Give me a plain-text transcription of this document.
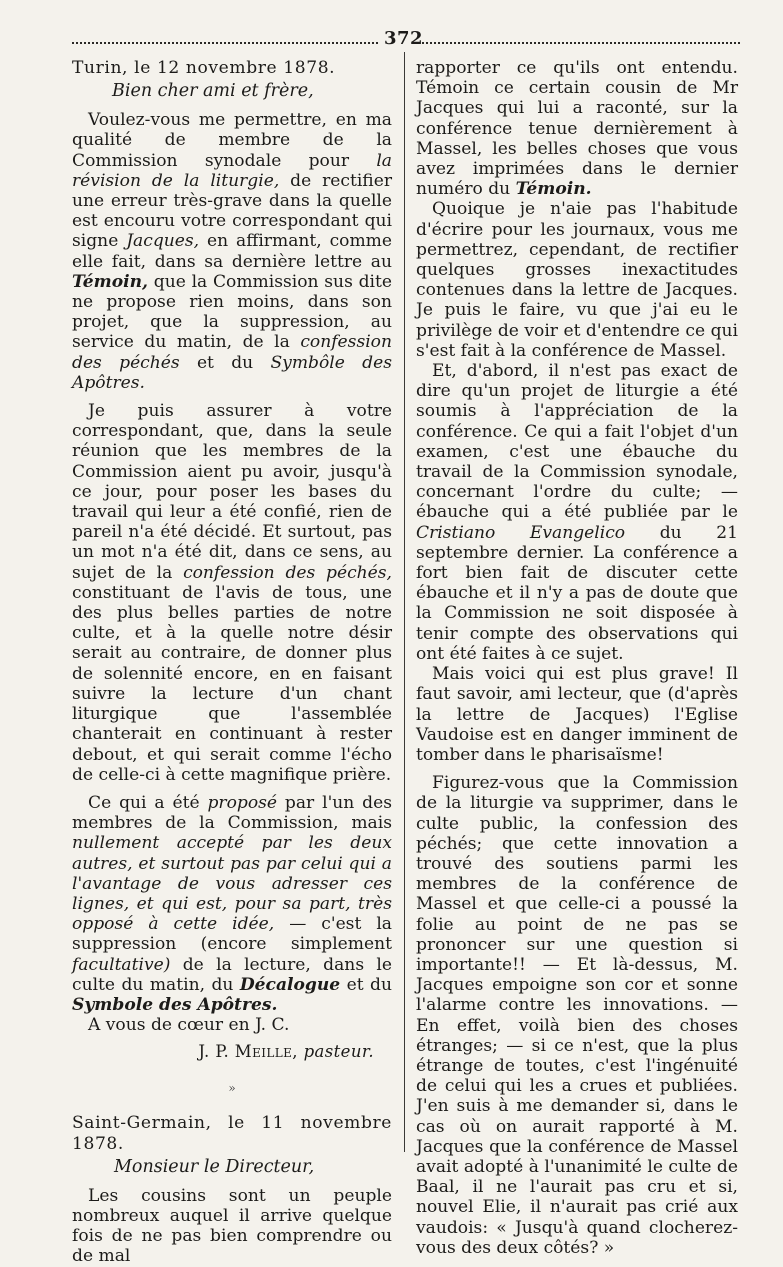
372

Turin, le 12 novembre 1878.

Bien cher ami et frère,

Voulez-vous me permettre, en ma qualité de membre de la Commission synodale pour la révision de la liturgie, de rectifier une erreur très-grave dans la quelle est encouru votre correspondant qui signe Jacques, en affirmant, comme elle fait, dans sa dernière lettre au Témoin, que la Commission sus dite ne propose rien moins, dans son projet, que la suppression, au service du matin, de la confession des péchés et du Symbôle des Apôtres.

Je puis assurer à votre correspondant, que, dans la seule réunion que les membres de la Commission aient pu avoir, jusqu'à ce jour, pour poser les bases du travail qui leur a été confié, rien de pareil n'a été décidé. Et surtout, pas un mot n'a été dit, dans ce sens, au sujet de la confession des péchés, constituant de l'avis de tous, une des plus belles parties de notre culte, et à la quelle notre désir serait au contraire, de donner plus de solennité encore, en en faisant suivre la lecture d'un chant liturgique que l'assemblée chanterait en continuant à rester debout, et qui serait comme l'écho de celle-ci à cette magnifique prière.

Ce qui a été proposé par l'un des membres de la Commission, mais nullement accepté par les deux autres, et surtout pas par celui qui a l'avantage de vous adresser ces lignes, et qui est, pour sa part, très opposé à cette idée, — c'est la suppression (encore simplement facultative) de la lecture, dans le culte du matin, du Décalogue et du Symbole des Apôtres.

A vous de cœur en J. C.

J. P. Meille, pasteur.
»

Saint-Germain, le 11 novembre 1878.

Monsieur le Directeur,

Les cousins sont un peuple nombreux auquel il arrive quelque fois de ne pas bien comprendre ou de mal

rapporter ce qu'ils ont entendu. Témoin ce certain cousin de Mr Jacques qui lui a raconté, sur la conférence tenue dernièrement à Massel, les belles choses que vous avez imprimées dans le dernier numéro du Témoin.

Quoique je n'aie pas l'habitude d'écrire pour les journaux, vous me permettrez, cependant, de rectifier quelques grosses inexactitudes contenues dans la lettre de Jacques. Je puis le faire, vu que j'ai eu le privilège de voir et d'entendre ce qui s'est fait à la conférence de Massel.

Et, d'abord, il n'est pas exact de dire qu'un projet de liturgie a été soumis à l'appréciation de la conférence. Ce qui a fait l'objet d'un examen, c'est une ébauche du travail de la Commission synodale, concernant l'ordre du culte; — ébauche qui a été publiée par le Cristiano Evangelico du 21 septembre dernier. La conférence a fort bien fait de discuter cette ébauche et il n'y a pas de doute que la Commission ne soit disposée à tenir compte des observations qui ont été faites à ce sujet.

Mais voici qui est plus grave! Il faut savoir, ami lecteur, que (d'après la lettre de Jacques) l'Eglise Vaudoise est en danger imminent de tomber dans le pharisaïsme!

Figurez-vous que la Commission de la liturgie va supprimer, dans le culte public, la confession des péchés; que cette innovation a trouvé des soutiens parmi les membres de la conférence de Massel et que celle-ci a poussé la folie au point de ne pas se prononcer sur une question si importante!! — Et là-dessus, M. Jacques empoigne son cor et sonne l'alarme contre les innovations. — En effet, voilà bien des choses étranges; — si ce n'est, que la plus étrange de toutes, c'est l'ingénuité de celui qui les a crues et publiées. J'en suis à me demander si, dans le cas où on aurait rapporté à M. Jacques que la conférence de Massel avait adopté à l'unanimité le culte de Baal, il ne l'aurait pas cru et si, nouvel Elie, il n'aurait pas crié aux vaudois: « Jusqu'à quand clocherez-vous des deux côtés? »
